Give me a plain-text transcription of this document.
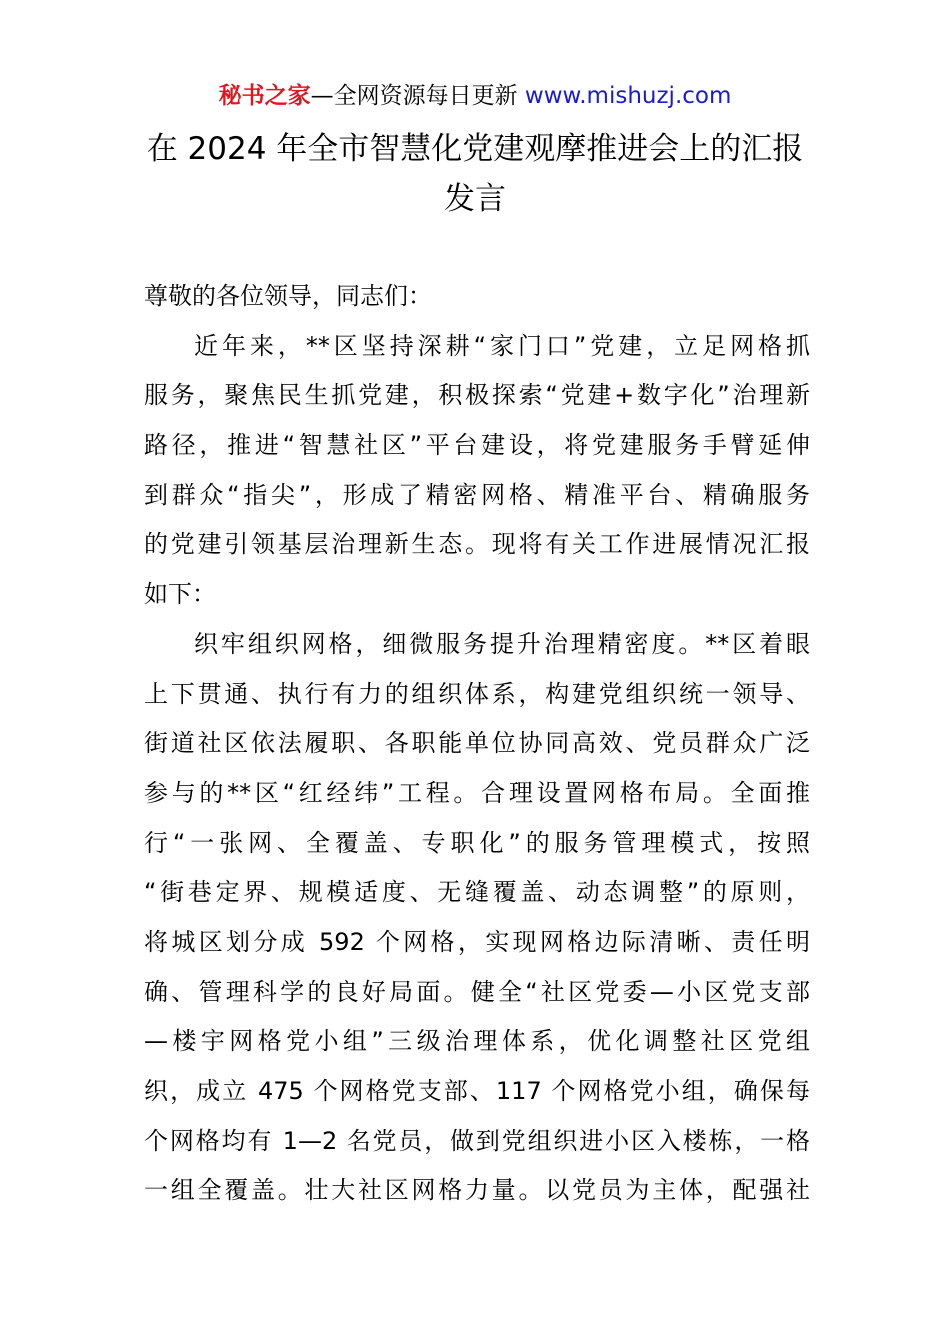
秘书之家—全网资源每日更新 www.mishuzj.com
在 2024 年全市智慧化党建观摩推进会上的汇报
发言
尊敬的各位领导，同志们：
近年来，**区坚持深耕“家门口”党建，立足网格抓
服务，聚焦民生抓党建，积极探索“党建+数字化”治理新
路径，推进“智慧社区”平台建设，将党建服务手臂延伸
到群众“指尖”，形成了精密网格、精准平台、精确服务
的党建引领基层治理新生态。现将有关工作进展情况汇报
如下：
织牢组织网格，细微服务提升治理精密度。**区着眼
上下贯通、执行有力的组织体系，构建党组织统一领导、
街道社区依法履职、各职能单位协同高效、党员群众广泛
参与的**区“红经纬”工程。合理设置网格布局。全面推
行“一张网、全覆盖、专职化”的服务管理模式，按照
“街巷定界、规模适度、无缝覆盖、动态调整”的原则，
将城区划分成 592 个网格，实现网格边际清晰、责任明
确、管理科学的良好局面。健全“社区党委—小区党支部
—楼宇网格党小组”三级治理体系，优化调整社区党组
织，成立 475 个网格党支部、117 个网格党小组，确保每
个网格均有 1—2 名党员，做到党组织进小区入楼栋，一格
一组全覆盖。壮大社区网格力量。以党员为主体，配强社
